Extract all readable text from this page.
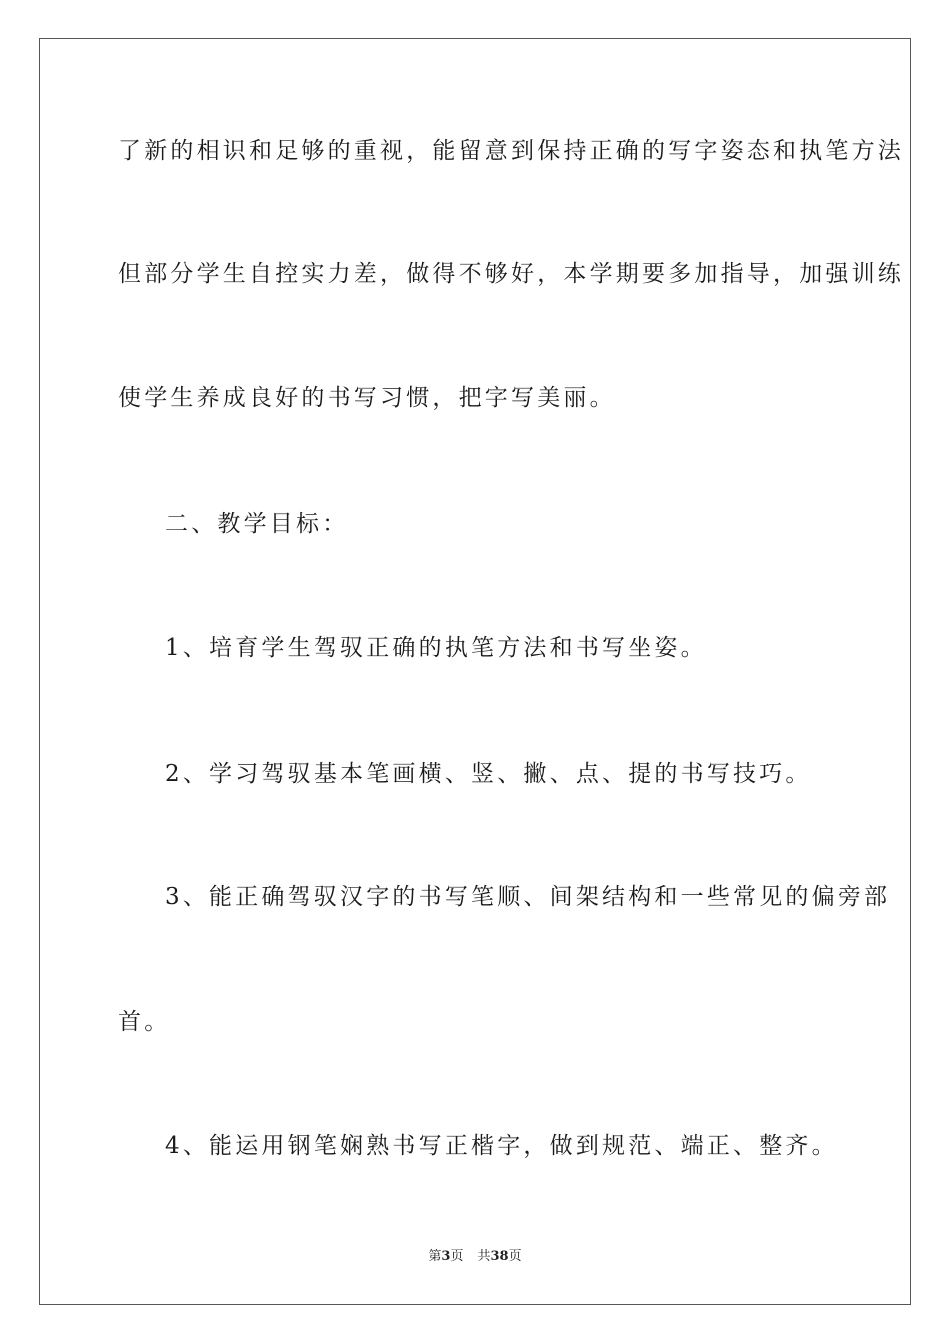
了新的相识和足够的重视，能留意到保持正确的写字姿态和执笔方法
但部分学生自控实力差，做得不够好，本学期要多加指导，加强训练
使学生养成良好的书写习惯，把字写美丽。
二、教学目标：
1、培育学生驾驭正确的执笔方法和书写坐姿。
2、学习驾驭基本笔画横、竖、撇、点、提的书写技巧。
3、能正确驾驭汉字的书写笔顺、间架结构和一些常见的偏旁部
首。
4、能运用钢笔娴熟书写正楷字，做到规范、端正、整齐。
第3页 共38页
